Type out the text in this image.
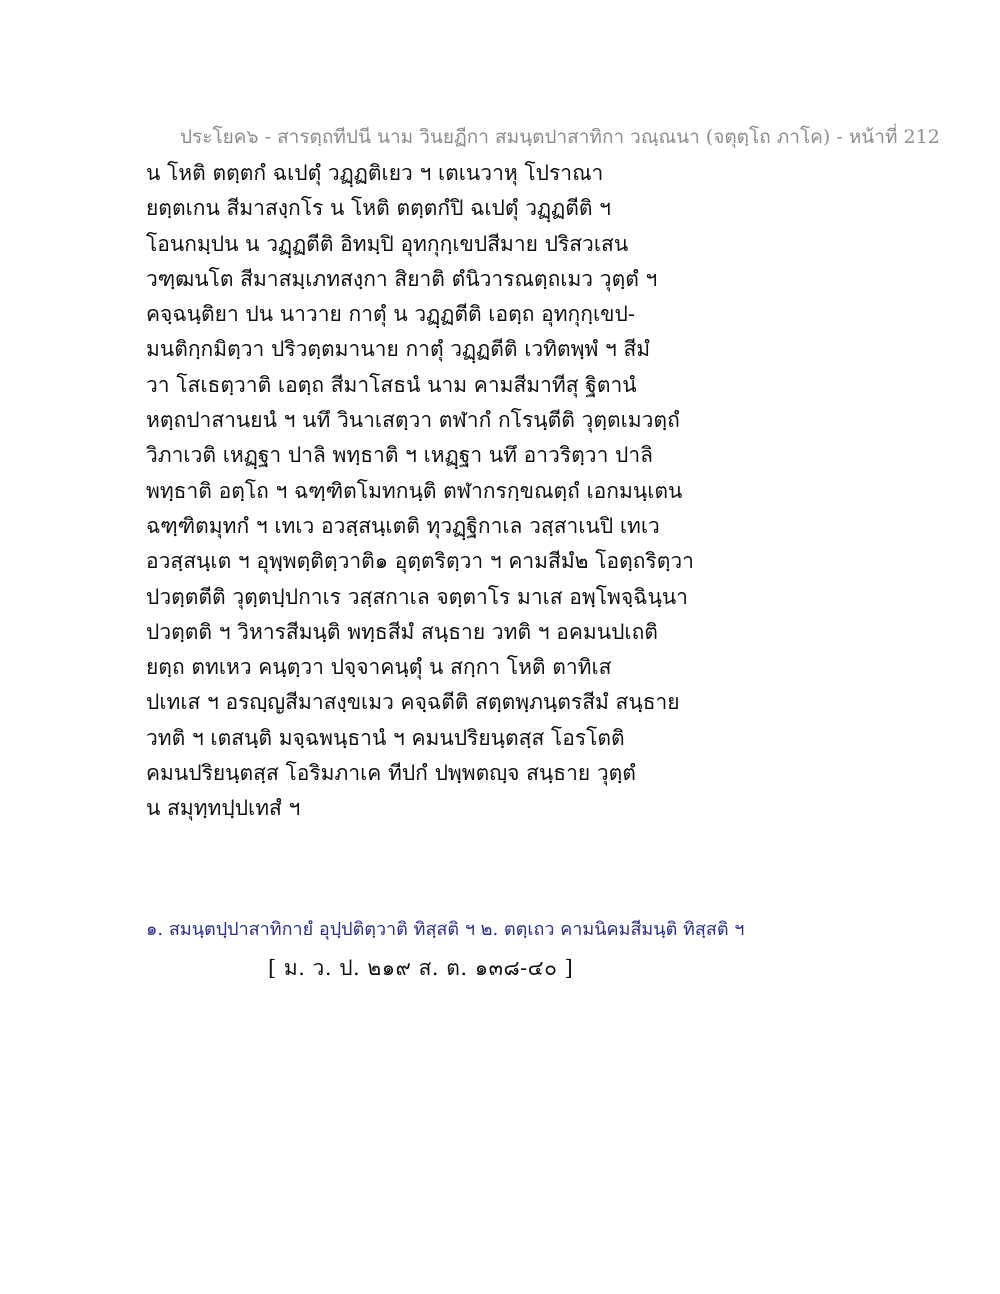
ประโยค๖ - สารตฺถทีปนี นาม วินยฏีกา สมนฺตปาสาทิกา วณฺณนา (จตุตฺโถ ภาโค) - หน้าที่ 212
น โหติ ตตฺตกํ ฉเปตุํ วฏฺฏติเยว ฯ เตเนวาหุ โปราณา
ยตฺตเกน สีมาสงฺกโร น โหติ ตตฺตกํปิ ฉเปตุํ วฏฺฏตีติ ฯ
โอนกมฺปน น วฏฺฏตีติ อิทมฺปิ อุทกุกฺเขปสีมาย ปริสวเสน
วฑฺฒนโต สีมาสมฺเภทสงฺกา สิยาติ ตํนิวารณตฺถเมว วุตฺตํ ฯ
คจฺฉนฺติยา ปน นาวาย กาตุํ น วฏฺฏตีติ เอตฺถ อุทกุกฺเขป-
มนติกฺกมิตฺวา ปริวตฺตมานาย กาตุํ วฏฺฏตีติ เวทิตพฺพํ ฯ สีมํ
วา โสเธตฺวาติ เอตฺถ สีมาโสธนํ นาม คามสีมาทีสุ ฐิตานํ
หตฺถปาสานยนํ ฯ นทึ วินาเสตฺวา ตฬากํ กโรนฺตีติ วุตฺตเมวตฺถํ
วิภาเวติ เหฏฺฐา ปาลิ พทฺธาติ ฯ เหฏฺฐา นทึ อาวริตฺวา ปาลิ
พทฺธาติ อตฺโถ ฯ ฉฑฺฑิตโมทกนฺติ ตฬากรกฺขณตฺถํ เอกมนฺเตน
ฉฑฺฑิตมุทกํ ฯ เทเว อวสฺสนฺเตติ ทุวฏฺฐิกาเล วสฺสาเนปิ เทเว
อวสฺสนฺเต ฯ อุพฺพตฺติตฺวาติ๑ อุตฺตริตฺวา ฯ คามสีมํ๒ โอตฺถริตฺวา
ปวตฺตตีติ วุตฺตปฺปกาเร วสฺสกาเล จตฺตาโร มาเส อพฺโพจฺฉินฺนา
ปวตฺตติ ฯ วิหารสีมนฺติ พทฺธสีมํ สนฺธาย วทติ ฯ อคมนปเถติ
ยตฺถ ตทเหว คนฺตฺวา ปจฺจาคนฺตุํ น สกฺกา โหติ ตาทิเส
ปเทเส ฯ อรญฺญสีมาสงฺขเมว คจฺฉตีติ สตฺตพฺภนฺตรสีมํ สนฺธาย
วทติ ฯ เตสนฺติ มจฺฉพนฺธานํ ฯ คมนปริยนฺตสฺส โอรโตติ
คมนปริยนฺตสฺส โอริมภาเค ทีปกํ ปพฺพตญฺจ สนฺธาย วุตฺตํ
น สมุทฺทปฺปเทสํ ฯ
๑. สมนฺตปฺปาสาทิกายํ อุปฺปติตฺวาติ ทิสฺสติ ฯ ๒. ตตฺเถว คามนิคมสีมนฺติ ทิสฺสติ ฯ
[ ม. ว. ป. ๒๑๙ ส. ต. ๑๓๘-๔๐ ]
